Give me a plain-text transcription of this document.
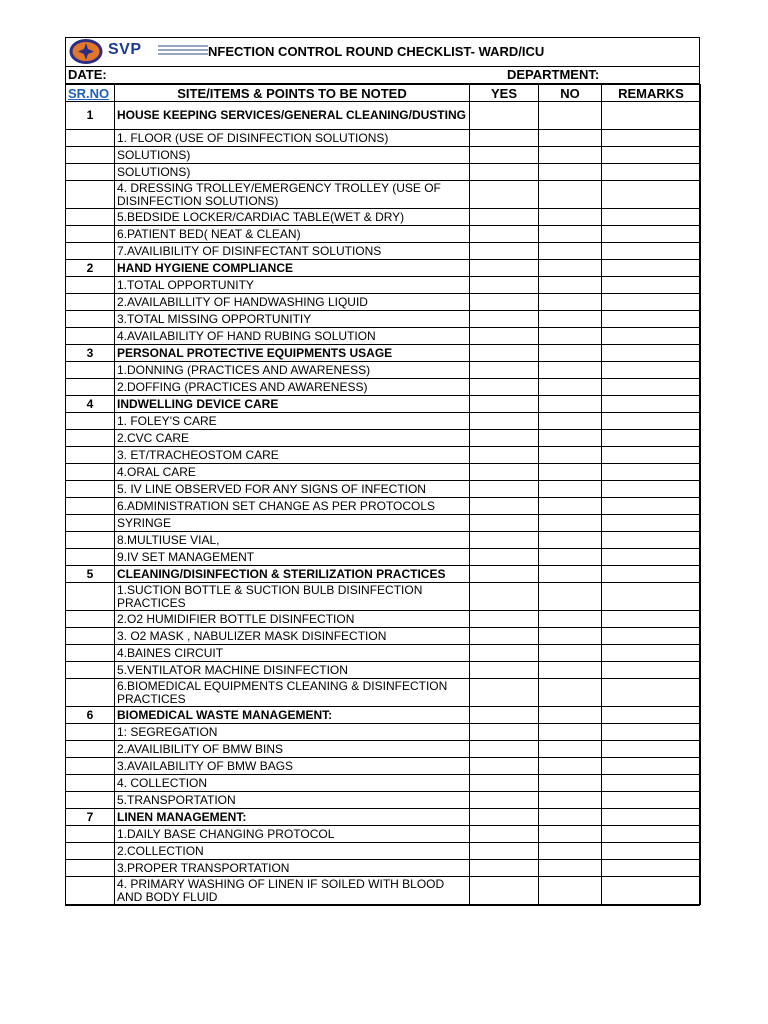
SVP	NFECTION CONTROL ROUND CHECKLIST- WARD/ICU
DATE:	DEPARTMENT:
SR.NO	SITE/ITEMS & POINTS TO BE NOTED	YES	NO	REMARKS
1	HOUSE KEEPING SERVICES/GENERAL CLEANING/DUSTING			
	1. FLOOR (USE OF DISINFECTION SOLUTIONS)			
	SOLUTIONS)			
	SOLUTIONS)			
	4. DRESSING TROLLEY/EMERGENCY TROLLEY (USE OF DISINFECTION SOLUTIONS)			
	5.BEDSIDE LOCKER/CARDIAC TABLE(WET & DRY)			
	6.PATIENT BED( NEAT & CLEAN)			
	7.AVAILIBILITY OF DISINFECTANT SOLUTIONS			
2	HAND HYGIENE COMPLIANCE			
	1.TOTAL OPPORTUNITY			
	2.AVAILABILLITY OF HANDWASHING LIQUID			
	3.TOTAL MISSING OPPORTUNITIY			
	4.AVAILABILITY OF HAND RUBING SOLUTION			
3	PERSONAL PROTECTIVE EQUIPMENTS USAGE			
	1.DONNING (PRACTICES AND AWARENESS)			
	2.DOFFING (PRACTICES AND AWARENESS)			
4	INDWELLING DEVICE CARE			
	1. FOLEY'S CARE			
	2.CVC CARE			
	3. ET/TRACHEOSTOM CARE			
	4.ORAL CARE			
	5. IV LINE OBSERVED FOR ANY SIGNS OF INFECTION			
	6.ADMINISTRATION SET CHANGE AS PER PROTOCOLS			
	SYRINGE			
	8.MULTIUSE VIAL,			
	9.IV SET MANAGEMENT			
5	CLEANING/DISINFECTION & STERILIZATION PRACTICES			
	1.SUCTION BOTTLE & SUCTION BULB DISINFECTION PRACTICES			
	2.O2 HUMIDIFIER BOTTLE DISINFECTION			
	3. O2 MASK , NABULIZER MASK DISINFECTION			
	4.BAINES CIRCUIT			
	5.VENTILATOR MACHINE DISINFECTION			
	6.BIOMEDICAL EQUIPMENTS CLEANING & DISINFECTION PRACTICES			
6	BIOMEDICAL WASTE MANAGEMENT:			
	1: SEGREGATION			
	2.AVAILIBILITY OF BMW BINS			
	3.AVAILABILITY OF BMW BAGS			
	4. COLLECTION			
	5.TRANSPORTATION			
7	LINEN MANAGEMENT:			
	1.DAILY BASE CHANGING PROTOCOL			
	2.COLLECTION			
	3.PROPER TRANSPORTATION			
	4. PRIMARY WASHING OF LINEN IF SOILED WITH BLOOD AND BODY FLUID			
